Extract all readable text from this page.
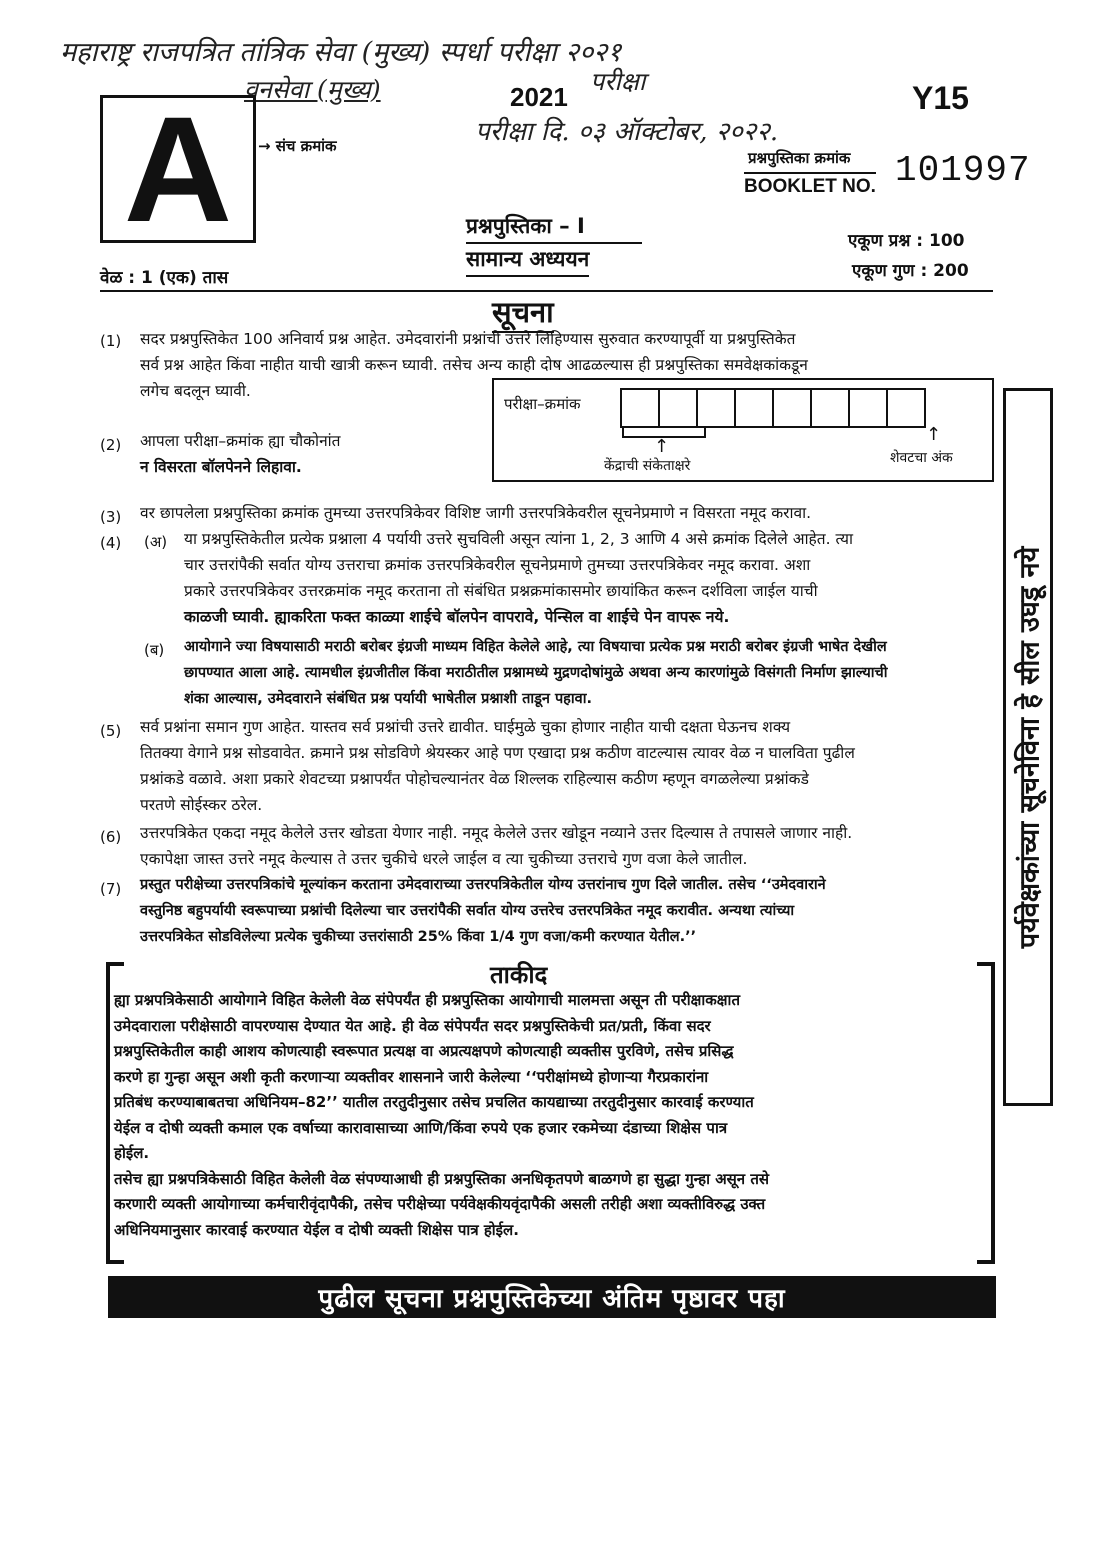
महाराष्ट्र राजपत्रित तांत्रिक सेवा (मुख्य) स्पर्धा परीक्षा २०२१
वनसेवा (मुख्य)	परीक्षा
परीक्षा दि. ०३ ऑक्टोबर, २०२२.
A → संच क्रमांक
2021	Y15
प्रश्नपुस्तिका क्रमांक
BOOKLET NO. 101997
प्रश्नपुस्तिका – I
सामान्य अध्ययन
एकूण प्रश्न : 100
एकूण गुण : 200
वेळ : 1 (एक) तास
सूचना
(1) सदर प्रश्नपुस्तिकेत 100 अनिवार्य प्रश्न आहेत. उमेदवारांनी प्रश्नांची उत्तरे लिहिण्यास सुरुवात करण्यापूर्वी या प्रश्नपुस्तिकेत
सर्व प्रश्न आहेत किंवा नाहीत याची खात्री करून घ्यावी. तसेच अन्य काही दोष आढळल्यास ही प्रश्नपुस्तिका समवेक्षकांकडून
लगेच बदलून घ्यावी.
परीक्षा–क्रमांक
↑
↑
केंद्राची संकेताक्षरे	शेवटचा अंक
(2) आपला परीक्षा–क्रमांक ह्या चौकोनांत
न विसरता बॉलपेनने लिहावा.
(3) वर छापलेला प्रश्नपुस्तिका क्रमांक तुमच्या उत्तरपत्रिकेवर विशिष्ट जागी उत्तरपत्रिकेवरील सूचनेप्रमाणे न विसरता नमूद करावा.
(4) (अ) या प्रश्नपुस्तिकेतील प्रत्येक प्रश्नाला 4 पर्यायी उत्तरे सुचविली असून त्यांना 1, 2, 3 आणि 4 असे क्रमांक दिलेले आहेत. त्या
चार उत्तरांपैकी सर्वात योग्य उत्तराचा क्रमांक उत्तरपत्रिकेवरील सूचनेप्रमाणे तुमच्या उत्तरपत्रिकेवर नमूद करावा. अशा
प्रकारे उत्तरपत्रिकेवर उत्तरक्रमांक नमूद करताना तो संबंधित प्रश्नक्रमांकासमोर छायांकित करून दर्शविला जाईल याची
काळजी घ्यावी. ह्याकरिता फक्त काळ्या शाईचे बॉलपेन वापरावे, पेन्सिल वा शाईचे पेन वापरू नये.
(ब) आयोगाने ज्या विषयासाठी मराठी बरोबर इंग्रजी माध्यम विहित केलेले आहे, त्या विषयाचा प्रत्येक प्रश्न मराठी बरोबर इंग्रजी भाषेत देखील
छापण्यात आला आहे. त्यामधील इंग्रजीतील किंवा मराठीतील प्रश्नामध्ये मुद्रणदोषांमुळे अथवा अन्य कारणांमुळे विसंगती निर्माण झाल्याची
शंका आल्यास, उमेदवाराने संबंधित प्रश्न पर्यायी भाषेतील प्रश्नाशी ताडून पहावा.
(5) सर्व प्रश्नांना समान गुण आहेत. यास्तव सर्व प्रश्नांची उत्तरे द्यावीत. घाईमुळे चुका होणार नाहीत याची दक्षता घेऊनच शक्य
तितक्या वेगाने प्रश्न सोडवावेत. क्रमाने प्रश्न सोडविणे श्रेयस्कर आहे पण एखादा प्रश्न कठीण वाटल्यास त्यावर वेळ न घालविता पुढील
प्रश्नांकडे वळावे. अशा प्रकारे शेवटच्या प्रश्नापर्यंत पोहोचल्यानंतर वेळ शिल्लक राहिल्यास कठीण म्हणून वगळलेल्या प्रश्नांकडे
परतणे सोईस्कर ठरेल.
(6) उत्तरपत्रिकेत एकदा नमूद केलेले उत्तर खोडता येणार नाही. नमूद केलेले उत्तर खोडून नव्याने उत्तर दिल्यास ते तपासले जाणार नाही.
एकापेक्षा जास्त उत्तरे नमूद केल्यास ते उत्तर चुकीचे धरले जाईल व त्या चुकीच्या उत्तराचे गुण वजा केले जातील.
(7) प्रस्तुत परीक्षेच्या उत्तरपत्रिकांचे मूल्यांकन करताना उमेदवाराच्या उत्तरपत्रिकेतील योग्य उत्तरांनाच गुण दिले जातील. तसेच ‘‘उमेदवाराने
वस्तुनिष्ठ बहुपर्यायी स्वरूपाच्या प्रश्नांची दिलेल्या चार उत्तरांपैकी सर्वात योग्य उत्तरेच उत्तरपत्रिकेत नमूद करावीत. अन्यथा त्यांच्या
उत्तरपत्रिकेत सोडविलेल्या प्रत्येक चुकीच्या उत्तरांसाठी 25% किंवा 1/4 गुण वजा/कमी करण्यात येतील.’’
ताकीद
ह्या प्रश्नपत्रिकेसाठी आयोगाने विहित केलेली वेळ संपेपर्यंत ही प्रश्नपुस्तिका आयोगाची मालमत्ता असून ती परीक्षाकक्षात
उमेदवाराला परीक्षेसाठी वापरण्यास देण्यात येत आहे. ही वेळ संपेपर्यंत सदर प्रश्नपुस्तिकेची प्रत/प्रती, किंवा सदर
प्रश्नपुस्तिकेतील काही आशय कोणत्याही स्वरूपात प्रत्यक्ष वा अप्रत्यक्षपणे कोणत्याही व्यक्तीस पुरविणे, तसेच प्रसिद्ध
करणे हा गुन्हा असून अशी कृती करणाऱ्या व्यक्तीवर शासनाने जारी केलेल्या ‘‘परीक्षांमध्ये होणाऱ्या गैरप्रकारांना
प्रतिबंध करण्याबाबतचा अधिनियम–82’’ यातील तरतुदीनुसार तसेच प्रचलित कायद्याच्या तरतुदीनुसार कारवाई करण्यात
येईल व दोषी व्यक्ती कमाल एक वर्षाच्या कारावासाच्या आणि/किंवा रुपये एक हजार रकमेच्या दंडाच्या शिक्षेस पात्र
होईल.
तसेच ह्या प्रश्नपत्रिकेसाठी विहित केलेली वेळ संपण्याआधी ही प्रश्नपुस्तिका अनधिकृतपणे बाळगणे हा सुद्धा गुन्हा असून तसे
करणारी व्यक्ती आयोगाच्या कर्मचारीवृंदापैकी, तसेच परीक्षेच्या पर्यवेक्षकीयवृंदापैकी असली तरीही अशा व्यक्तीविरुद्ध उक्त
अधिनियमानुसार कारवाई करण्यात येईल व दोषी व्यक्ती शिक्षेस पात्र होईल.
पुढील सूचना प्रश्नपुस्तिकेच्या अंतिम पृष्ठावर पहा
पर्यवेक्षकांच्या सूचनेविना हे सील उघडू नये
